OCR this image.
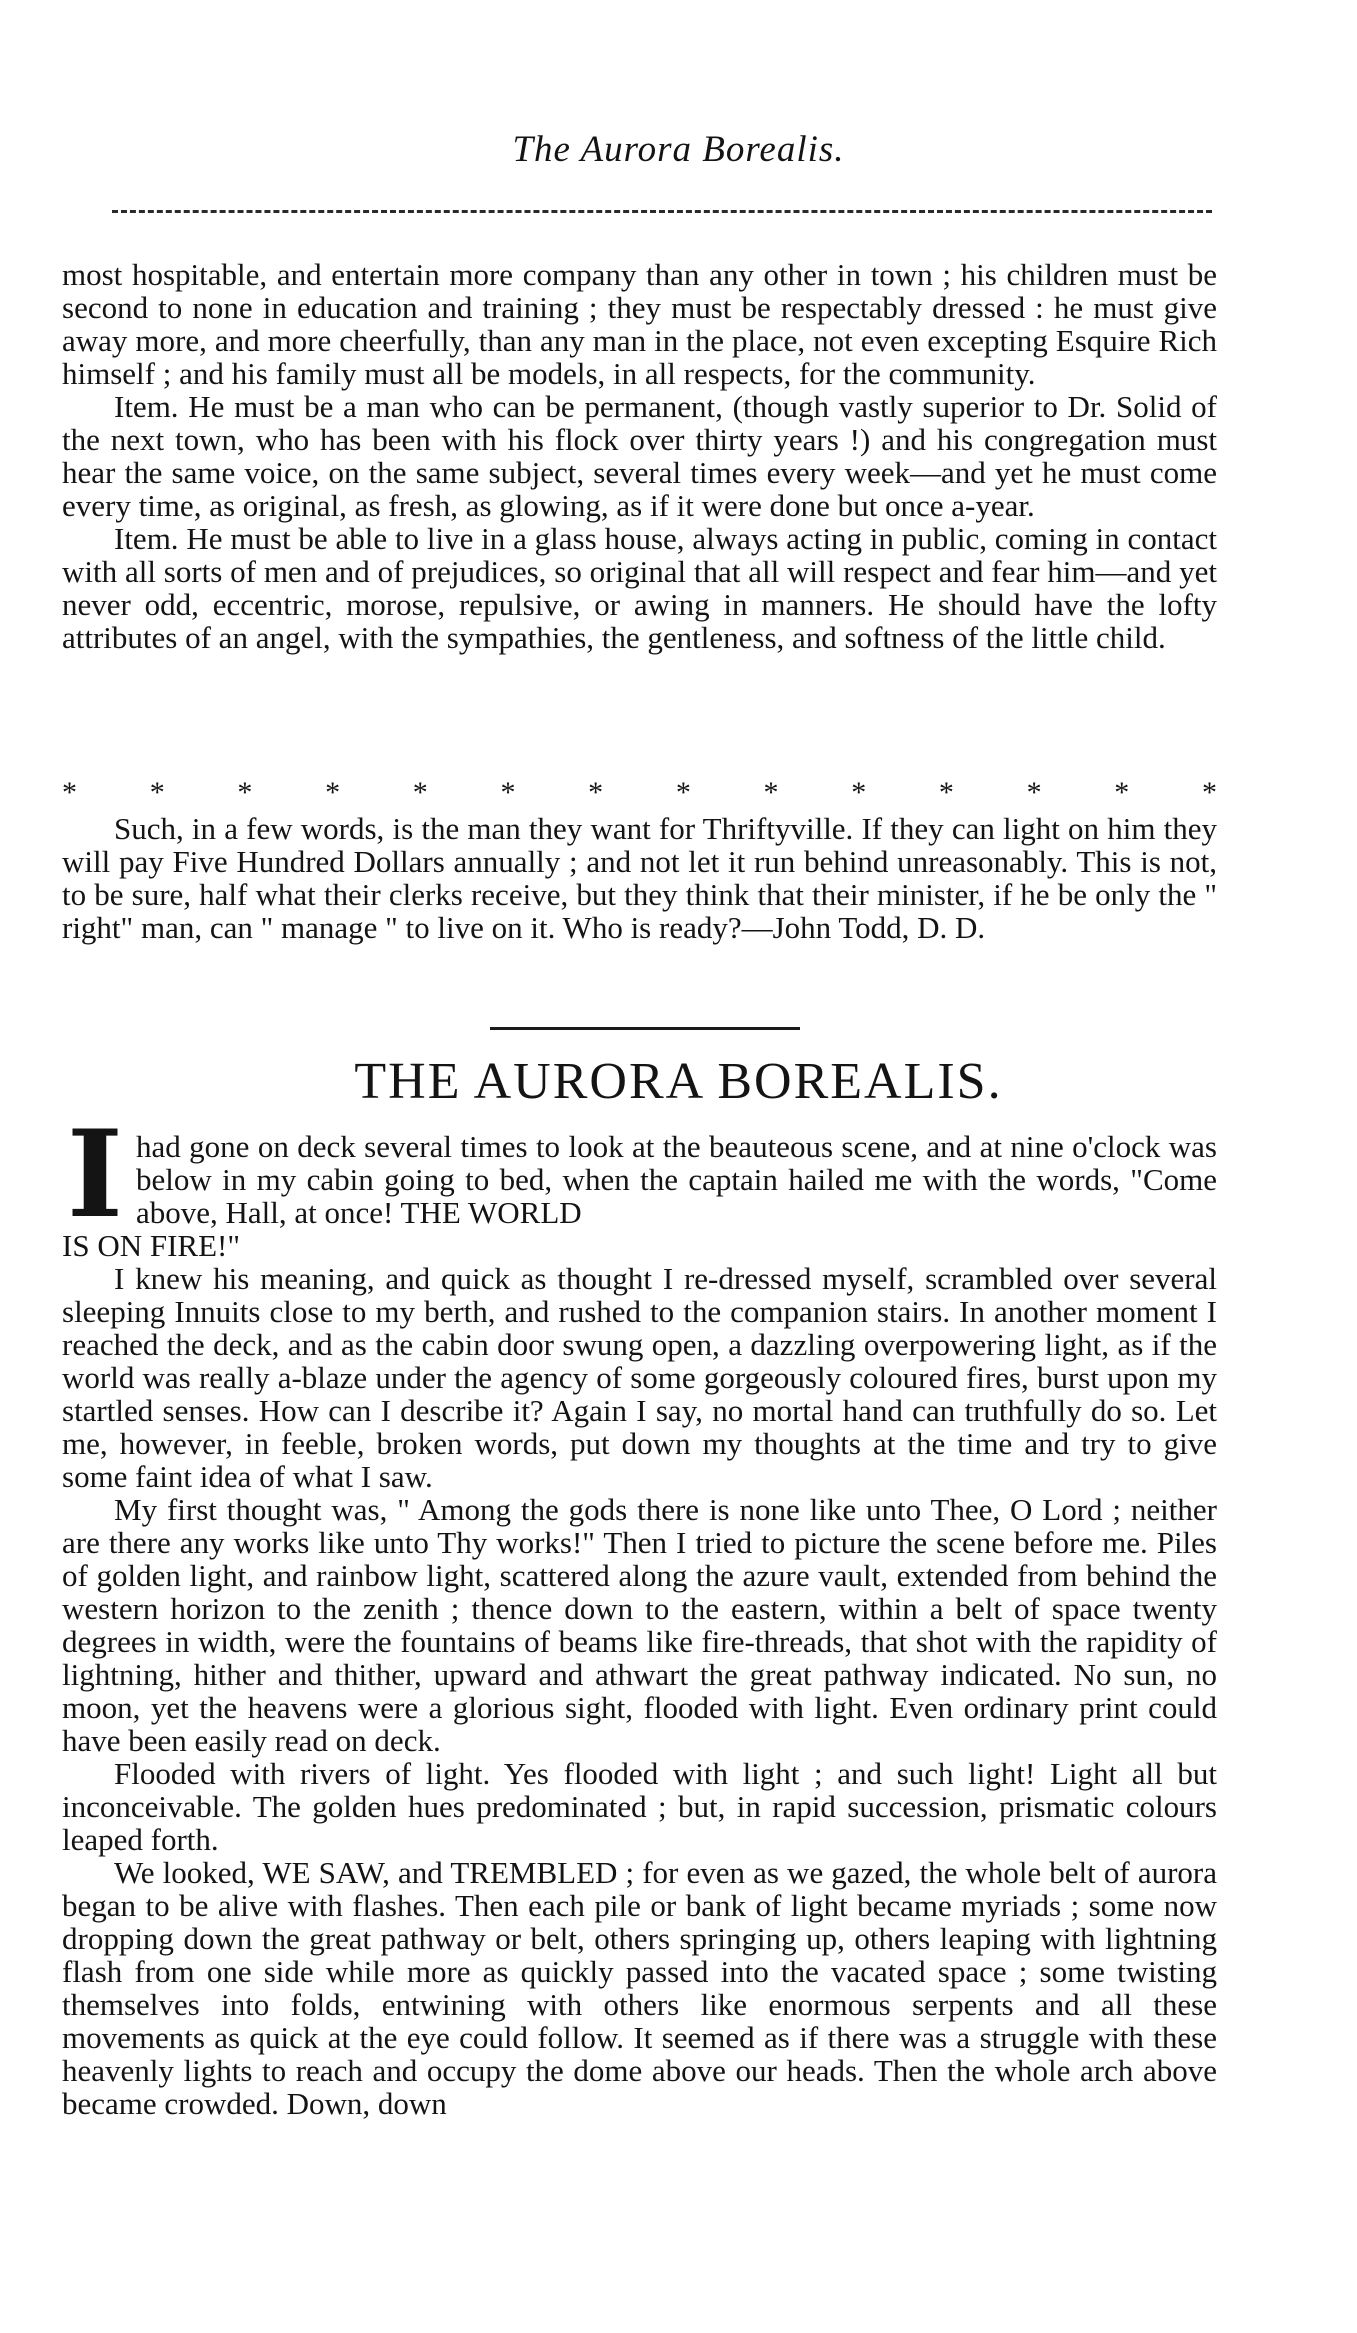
The Aurora Borealis.

most hospitable, and entertain more company than any other in town ; his children must be second to none in education and training ; they must be respectably dressed : he must give away more, and more cheerfully, than any man in the place, not even excepting Esquire Rich himself ; and his family must all be models, in all respects, for the community.

Item. He must be a man who can be permanent, (though vastly superior to Dr. Solid of the next town, who has been with his flock over thirty years !) and his congregation must hear the same voice, on the same subject, several times every week—and yet he must come every time, as original, as fresh, as glowing, as if it were done but once a-year.

Item. He must be able to live in a glass house, always acting in public, coming in contact with all sorts of men and of prejudices, so original that all will respect and fear him—and yet never odd, eccentric, morose, repulsive, or awing in manners. He should have the lofty attributes of an angel, with the sympathies, the gentleness, and softness of the little child.

* * * * * * * * * * * * * *

Such, in a few words, is the man they want for Thriftyville. If they can light on him they will pay Five Hundred Dollars annually ; and not let it run behind unreasonably. This is not, to be sure, half what their clerks receive, but they think that their minister, if he be only the " right" man, can " manage " to live on it. Who is ready?—John Todd, D. D.

THE AURORA BOREALIS.
I had gone on deck several times to look at the beauteous scene, and at nine o'clock was below in my cabin going to bed, when the captain hailed me with the words, "Come above, Hall, at once! THE WORLD
IS ON FIRE!"

I knew his meaning, and quick as thought I re-dressed myself, scrambled over several sleeping Innuits close to my berth, and rushed to the companion stairs. In another moment I reached the deck, and as the cabin door swung open, a dazzling overpowering light, as if the world was really a-blaze under the agency of some gorgeously coloured fires, burst upon my startled senses. How can I describe it? Again I say, no mortal hand can truthfully do so. Let me, however, in feeble, broken words, put down my thoughts at the time and try to give some faint idea of what I saw.

My first thought was, " Among the gods there is none like unto Thee, O Lord ; neither are there any works like unto Thy works!" Then I tried to picture the scene before me. Piles of golden light, and rainbow light, scattered along the azure vault, extended from behind the western horizon to the zenith ; thence down to the eastern, within a belt of space twenty degrees in width, were the fountains of beams like fire-threads, that shot with the rapidity of lightning, hither and thither, upward and athwart the great pathway indicated. No sun, no moon, yet the heavens were a glorious sight, flooded with light. Even ordinary print could have been easily read on deck.

Flooded with rivers of light. Yes flooded with light ; and such light! Light all but inconceivable. The golden hues predominated ; but, in rapid succession, prismatic colours leaped forth.

We looked, WE SAW, and TREMBLED ; for even as we gazed, the whole belt of aurora began to be alive with flashes. Then each pile or bank of light became myriads ; some now dropping down the great pathway or belt, others springing up, others leaping with lightning flash from one side while more as quickly passed into the vacated space ; some twisting themselves into folds, entwining with others like enormous serpents and all these movements as quick at the eye could follow. It seemed as if there was a struggle with these heavenly lights to reach and occupy the dome above our heads. Then the whole arch above became crowded. Down, down
